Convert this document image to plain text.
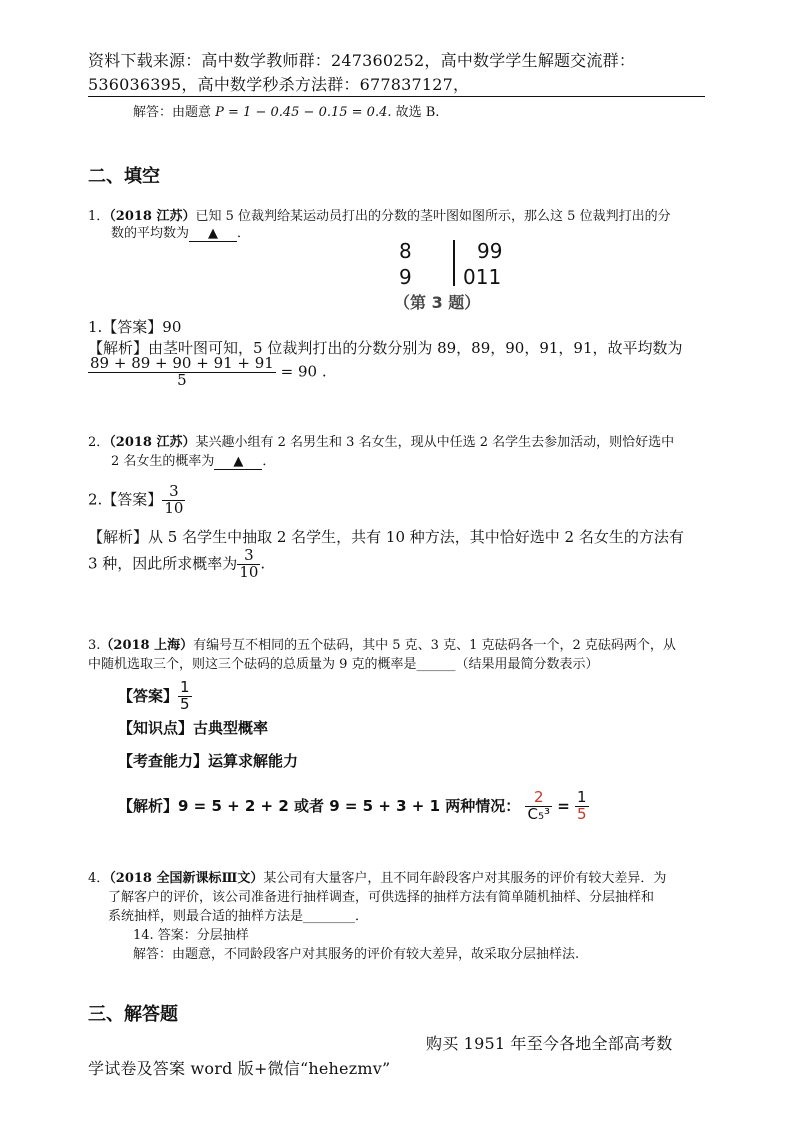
资料下载来源：高中数学教师群：247360252，高中数学学生解题交流群：
536036395，高中数学秒杀方法群：677837127，
解答：由题意 P = 1 − 0.45 − 0.15 = 0.4. 故选 B.
二、填空
1．（2018 江苏）已知 5 位裁判给某运动员打出的分数的茎叶图如图所示，那么这 5 位裁判打出的分
数的平均数为 ▲ ．
8	99
9	011
（第 3 题）
1.【答案】90
【解析】由茎叶图可知，5 位裁判打出的分数分别为 89，89，90，91，91，故平均数为
$\frac{89 + 89 + 90 + 91 + 91}{5} = 90$ .
2．（2018 江苏）某兴趣小组有 2 名男生和 3 名女生，现从中任选 2 名学生去参加活动，则恰好选中
2 名女生的概率为 ▲ ．
2.【答案】 $\frac{3}{10}$
【解析】从 5 名学生中抽取 2 名学生，共有 10 种方法，其中恰好选中 2 名女生的方法有
3 种，因此所求概率为 $\frac{3}{10}$ .
3.（2018 上海）有编号互不相同的五个砝码，其中 5 克、3 克、1 克砝码各一个，2 克砝码两个，从
中随机选取三个，则这三个砝码的总质量为 9 克的概率是______（结果用最简分数表示）
【答案】 $\frac{1}{5}$
【知识点】古典型概率
【考查能力】运算求解能力
【解析】9 = 5 + 2 + 2 或者 9 = 5 + 3 + 1 两种情况： $\frac{2}{\text{C₅³}} = \frac{1}{5}$
4．（2018 全国新课标Ⅲ文）某公司有大量客户，且不同年龄段客户对其服务的评价有较大差异．为
了解客户的评价，该公司准备进行抽样调查，可供选择的抽样方法有简单随机抽样、分层抽样和
系统抽样，则最合适的抽样方法是________．
14. 答案：分层抽样
解答：由题意，不同龄段客户对其服务的评价有较大差异，故采取分层抽样法.
三、解答题
购买 1951 年至今各地全部高考数
学试卷及答案 word 版+微信“hehezmv”
